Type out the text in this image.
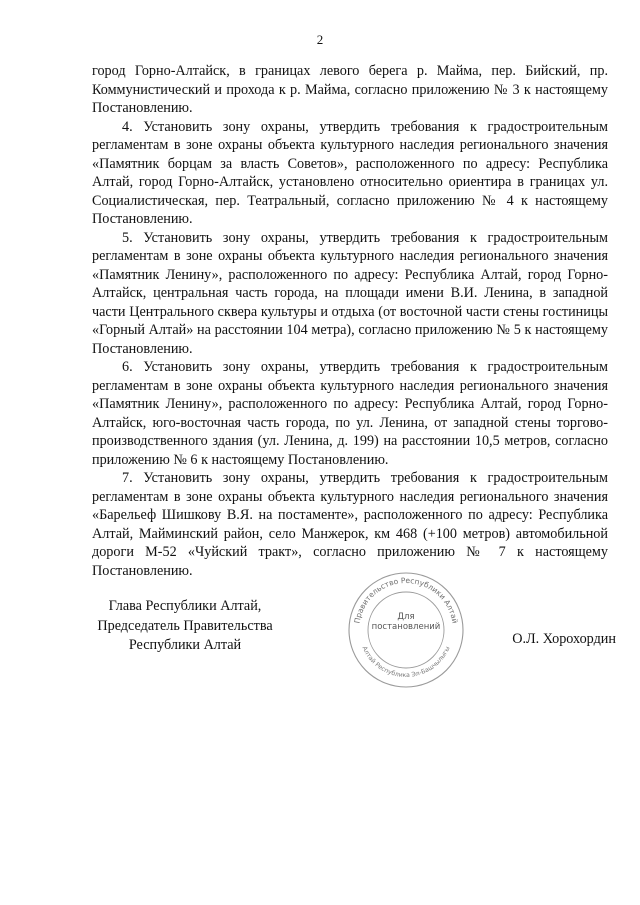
2

город Горно-Алтайск, в границах левого берега р. Майма, пер. Бийский, пр. Коммунистический и прохода к р. Майма, согласно приложению № 3 к настоящему Постановлению.

4. Установить зону охраны, утвердить требования к градостроительным регламентам в зоне охраны объекта культурного наследия регионального значения «Памятник борцам за власть Советов», расположенного по адресу: Республика Алтай, город Горно-Алтайск, установлено относительно ориентира в границах ул. Социалистическая, пер. Театральный, согласно приложению № 4 к настоящему Постановлению.

5. Установить зону охраны, утвердить требования к градостроительным регламентам в зоне охраны объекта культурного наследия регионального значения «Памятник Ленину», расположенного по адресу: Республика Алтай, город Горно-Алтайск, центральная часть города, на площади имени В.И. Ленина, в западной части Центрального сквера культуры и отдыха (от восточной части стены гостиницы «Горный Алтай» на расстоянии 104 метра), согласно приложению № 5 к настоящему Постановлению.

6. Установить зону охраны, утвердить требования к градостроительным регламентам в зоне охраны объекта культурного наследия регионального значения «Памятник Ленину», расположенного по адресу: Республика Алтай, город Горно-Алтайск, юго-восточная часть города, по ул. Ленина, от западной стены торгово-производственного здания (ул. Ленина, д. 199) на расстоянии 10,5 метров, согласно приложению № 6 к настоящему Постановлению.

7. Установить зону охраны, утвердить требования к градостроительным регламентам в зоне охраны объекта культурного наследия регионального значения «Барельеф Шишкову В.Я. на постаменте», расположенного по адресу: Республика Алтай, Майминский район, село Манжерок, км 468 (+100 метров) автомобильной дороги М-52 «Чуйский тракт», согласно приложению № 7 к настоящему Постановлению.

Глава Республики Алтай,
Председатель Правительства
Республики Алтай
Правительство Республики Алтай
Алтай Республика Эл-Башчылыгы
Для
постановлений
О.Л. Хорохордин
